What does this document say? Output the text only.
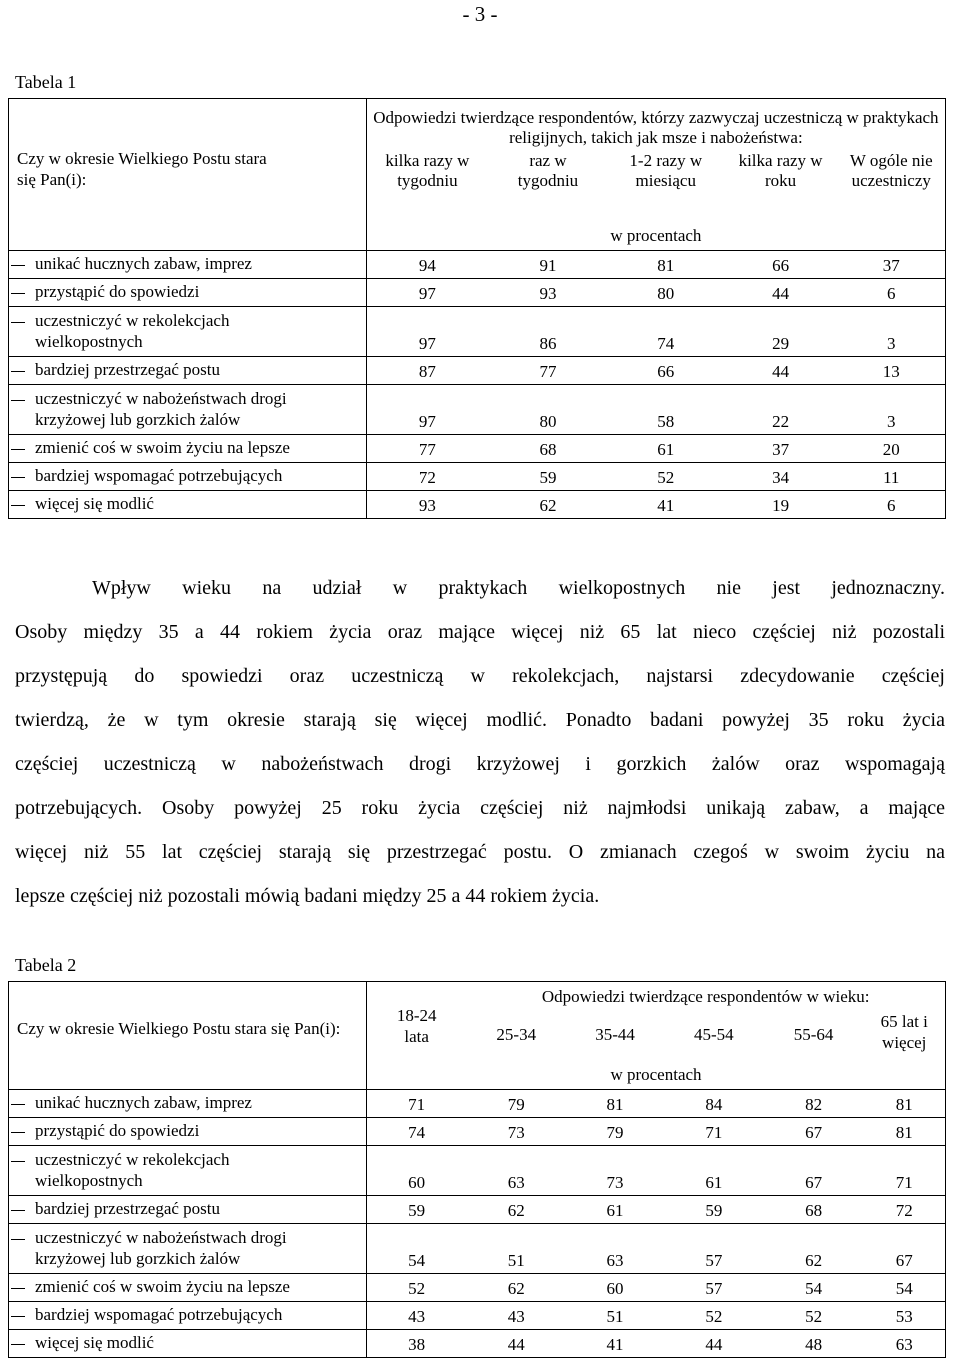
- 3 -
Tabela 1
Czy w okresie Wielkiego Postu stara się Pan(i):	Odpowiedzi twierdzące respondentów, którzy zazwyczaj uczestniczą w praktykach religijnych, takich jak msze i nabożeństwa:				

	kilka razy w tygodniu	raz w tygodniu	1-2 razy w miesiącu	kilka razy w roku	W ogóle nie uczestniczy

	w procentach				

unikać hucznych zabaw, imprez	94	91	81	66	37

przystąpić do spowiedzi	97	93	80	44	6

uczestniczyć w rekolekcjach wielkopostnych	97	86	74	29	3

bardziej przestrzegać postu	87	77	66	44	13

uczestniczyć w nabożeństwach drogi krzyżowej lub gorzkich żalów	97	80	58	22	3

zmienić coś w swoim życiu na lepsze	77	68	61	37	20

bardziej wspomagać potrzebujących	72	59	52	34	11

więcej się modlić	93	62	41	19	6
Wpływ wieku na udział w praktykach wielkopostnych nie jest jednoznaczny.
Osoby między 35 a 44 rokiem życia oraz mające więcej niż 65 lat nieco częściej niż pozostali
przystępują do spowiedzi oraz uczestniczą w rekolekcjach, najstarsi zdecydowanie częściej
twierdzą, że w tym okresie starają się więcej modlić. Ponadto badani powyżej 35 roku życia
częściej uczestniczą w nabożeństwach drogi krzyżowej i gorzkich żalów oraz wspomagają
potrzebujących. Osoby powyżej 25 roku życia częściej niż najmłodsi unikają zabaw, a mające
więcej niż 55 lat częściej starają się przestrzegać postu. O zmianach czegoś w swoim życiu na
lepsze częściej niż pozostali mówią badani między 25 a 44 rokiem życia.
Tabela 2
Czy w okresie Wielkiego Postu stara się Pan(i):		Odpowiedzi twierdzące respondentów w wieku:				

	18-24 lata	25-34	35-44	45-54	55-64	65 lat i więcej

	w procentach					

unikać hucznych zabaw, imprez	71	79	81	84	82	81

przystąpić do spowiedzi	74	73	79	71	67	81

uczestniczyć w rekolekcjach wielkopostnych	60	63	73	61	67	71

bardziej przestrzegać postu	59	62	61	59	68	72

uczestniczyć w nabożeństwach drogi krzyżowej lub gorzkich żalów	54	51	63	57	62	67

zmienić coś w swoim życiu na lepsze	52	62	60	57	54	54

bardziej wspomagać potrzebujących	43	43	51	52	52	53

więcej się modlić	38	44	41	44	48	63
